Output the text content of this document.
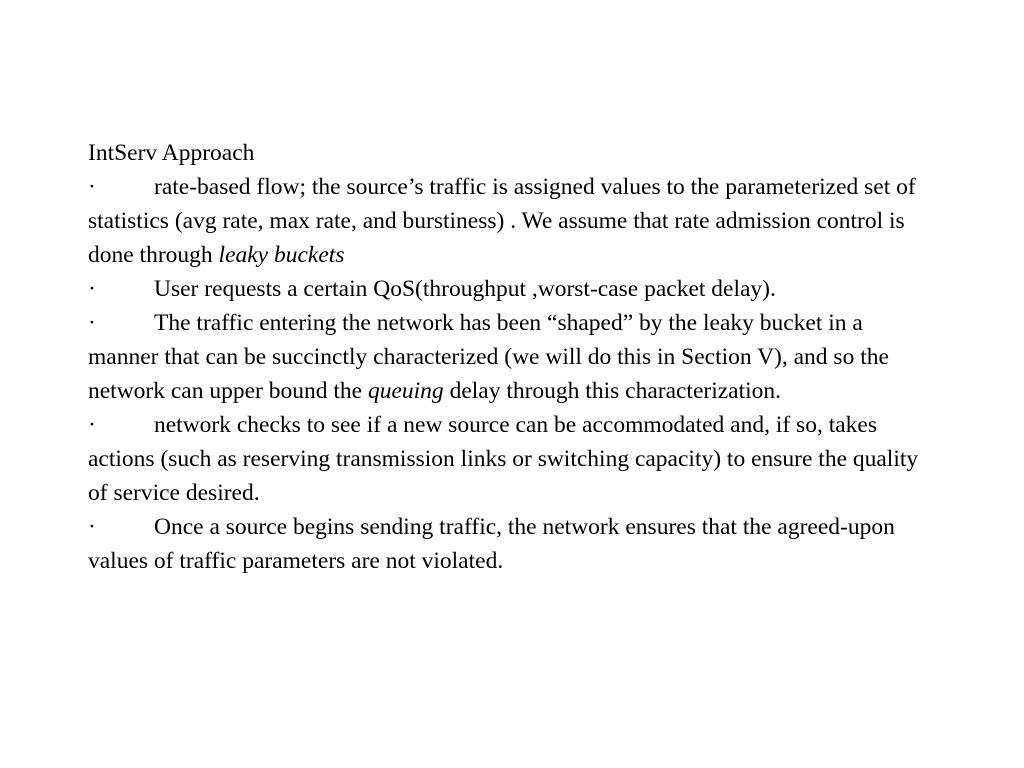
IntServ Approach

· rate-based flow; the source’s traffic is assigned values to the parameterized set of statistics (avg rate, max rate, and burstiness) . We assume that rate admission control is done through leaky buckets

· User requests a certain QoS(throughput ,worst-case packet delay).

· The traffic entering the network has been “shaped” by the leaky bucket in a manner that can be succinctly characterized (we will do this in Section V), and so the network can upper bound the queuing delay through this characterization.

· network checks to see if a new source can be accommodated and, if so, takes actions (such as reserving transmission links or switching capacity) to ensure the quality of service desired.

· Once a source begins sending traffic, the network ensures that the agreed-upon values of traffic parameters are not violated.
